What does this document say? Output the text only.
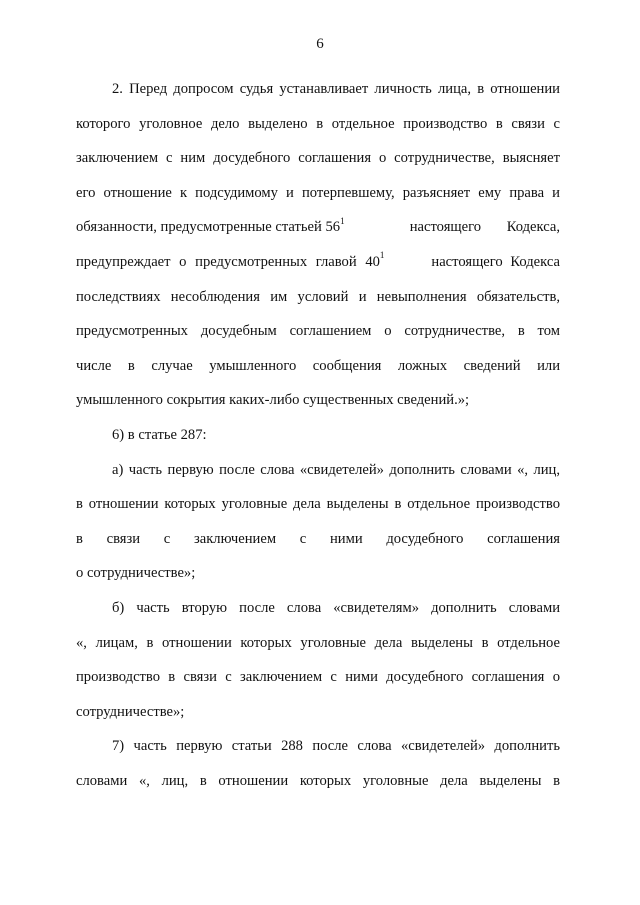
6
2. Перед допросом судья устанавливает личность лица, в отношении
которого уголовное дело выделено в отдельное производство в связи с
заключением с ним досудебного соглашения о сотрудничестве, выясняет
его отношение к подсудимому и потерпевшему, разъясняет ему права и
обязанности, предусмотренные статьей $56^1$	настоящего Кодекса,
предупреждает о предусмотренных главой $40^1$	настоящего Кодекса
последствиях несоблюдения им условий и невыполнения обязательств,
предусмотренных досудебным соглашением о сотрудничестве, в том
числе в случае умышленного сообщения ложных сведений или
умышленного сокрытия каких-либо существенных сведений.»;
6) в статье 287:
а) часть первую после слова «свидетелей» дополнить словами «, лиц,
в отношении которых уголовные дела выделены в отдельное производство
в связи с заключением с ними досудебного соглашения
о сотрудничестве»;
б) часть вторую после слова «свидетелям» дополнить словами
«, лицам, в отношении которых уголовные дела выделены в отдельное
производство в связи с заключением с ними досудебного соглашения о
сотрудничестве»;
7) часть первую статьи 288 после слова «свидетелей» дополнить
словами «, лиц, в отношении которых уголовные дела выделены в
